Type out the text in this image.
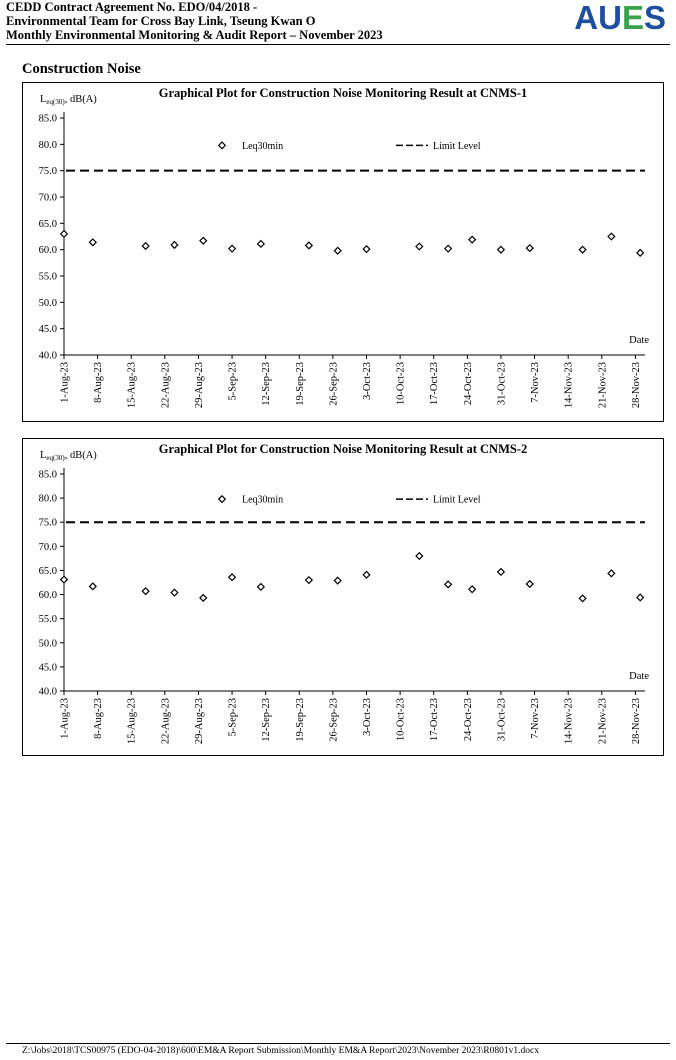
CEDD Contract Agreement No. EDO/04/2018 -
Environmental Team for Cross Bay Link, Tseung Kwan O
Monthly Environmental Monitoring & Audit Report – November 2023	AUES
Construction Noise
Graphical Plot for Construction Noise Monitoring Result at CNMS-1
Leq(30), dB(A)
40.0
45.0
50.0
55.0
60.0
65.0
70.0
75.0
80.0
85.0
1-Aug-23 8-Aug-23 15-Aug-23 22-Aug-23 29-Aug-23 5-Sep-23 12-Sep-23 19-Sep-23 26-Sep-23 3-Oct-23 10-Oct-23 17-Oct-23 24-Oct-23 31-Oct-23 7-Nov-23 14-Nov-23 21-Nov-23 28-Nov-23
Date
Leq30min	Limit Level
Graphical Plot for Construction Noise Monitoring Result at CNMS-2
Leq(30), dB(A)
40.0
45.0
50.0
55.0
60.0
65.0
70.0
75.0
80.0
85.0
1-Aug-23 8-Aug-23 15-Aug-23 22-Aug-23 29-Aug-23 5-Sep-23 12-Sep-23 19-Sep-23 26-Sep-23 3-Oct-23 10-Oct-23 17-Oct-23 24-Oct-23 31-Oct-23 7-Nov-23 14-Nov-23 21-Nov-23 28-Nov-23
Date
Leq30min	Limit Level
Z:\Jobs\2018\TCS00975 (EDO-04-2018)\600\EM&A Report Submission\Monthly EM&A Report\2023\November 2023\R0801v1.docx
